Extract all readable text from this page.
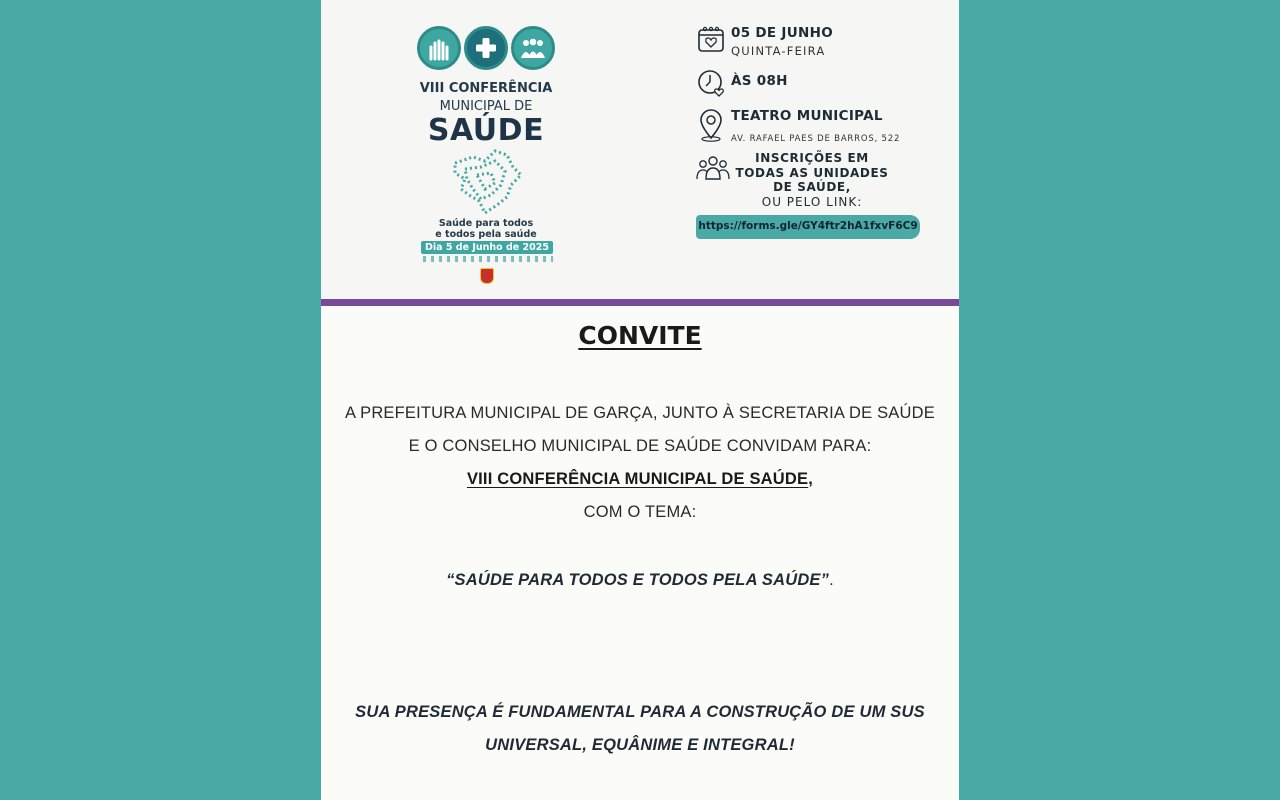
VIII CONFERÊNCIA
MUNICIPAL DE
SAÚDE
Saúde para todos
e todos pela saúde
Dia 5 de Junho de 2025
05 DE JUNHO
QUINTA-FEIRA
ÀS 08H
TEATRO MUNICIPAL
AV. RAFAEL PAES DE BARROS, 522
INSCRIÇÕES EM
TODAS AS UNIDADES
DE SAÚDE,
OU PELO LINK:
https://forms.gle/GY4ftr2hA1fxvF6C9
CONVITE
A PREFEITURA MUNICIPAL DE GARÇA, JUNTO À SECRETARIA DE SAÚDE
E O CONSELHO MUNICIPAL DE SAÚDE CONVIDAM PARA:
VIII CONFERÊNCIA MUNICIPAL DE SAÚDE,
COM O TEMA:
“SAÚDE PARA TODOS E TODOS PELA SAÚDE”.
SUA PRESENÇA É FUNDAMENTAL PARA A CONSTRUÇÃO DE UM SUS
UNIVERSAL, EQUÂNIME E INTEGRAL!
